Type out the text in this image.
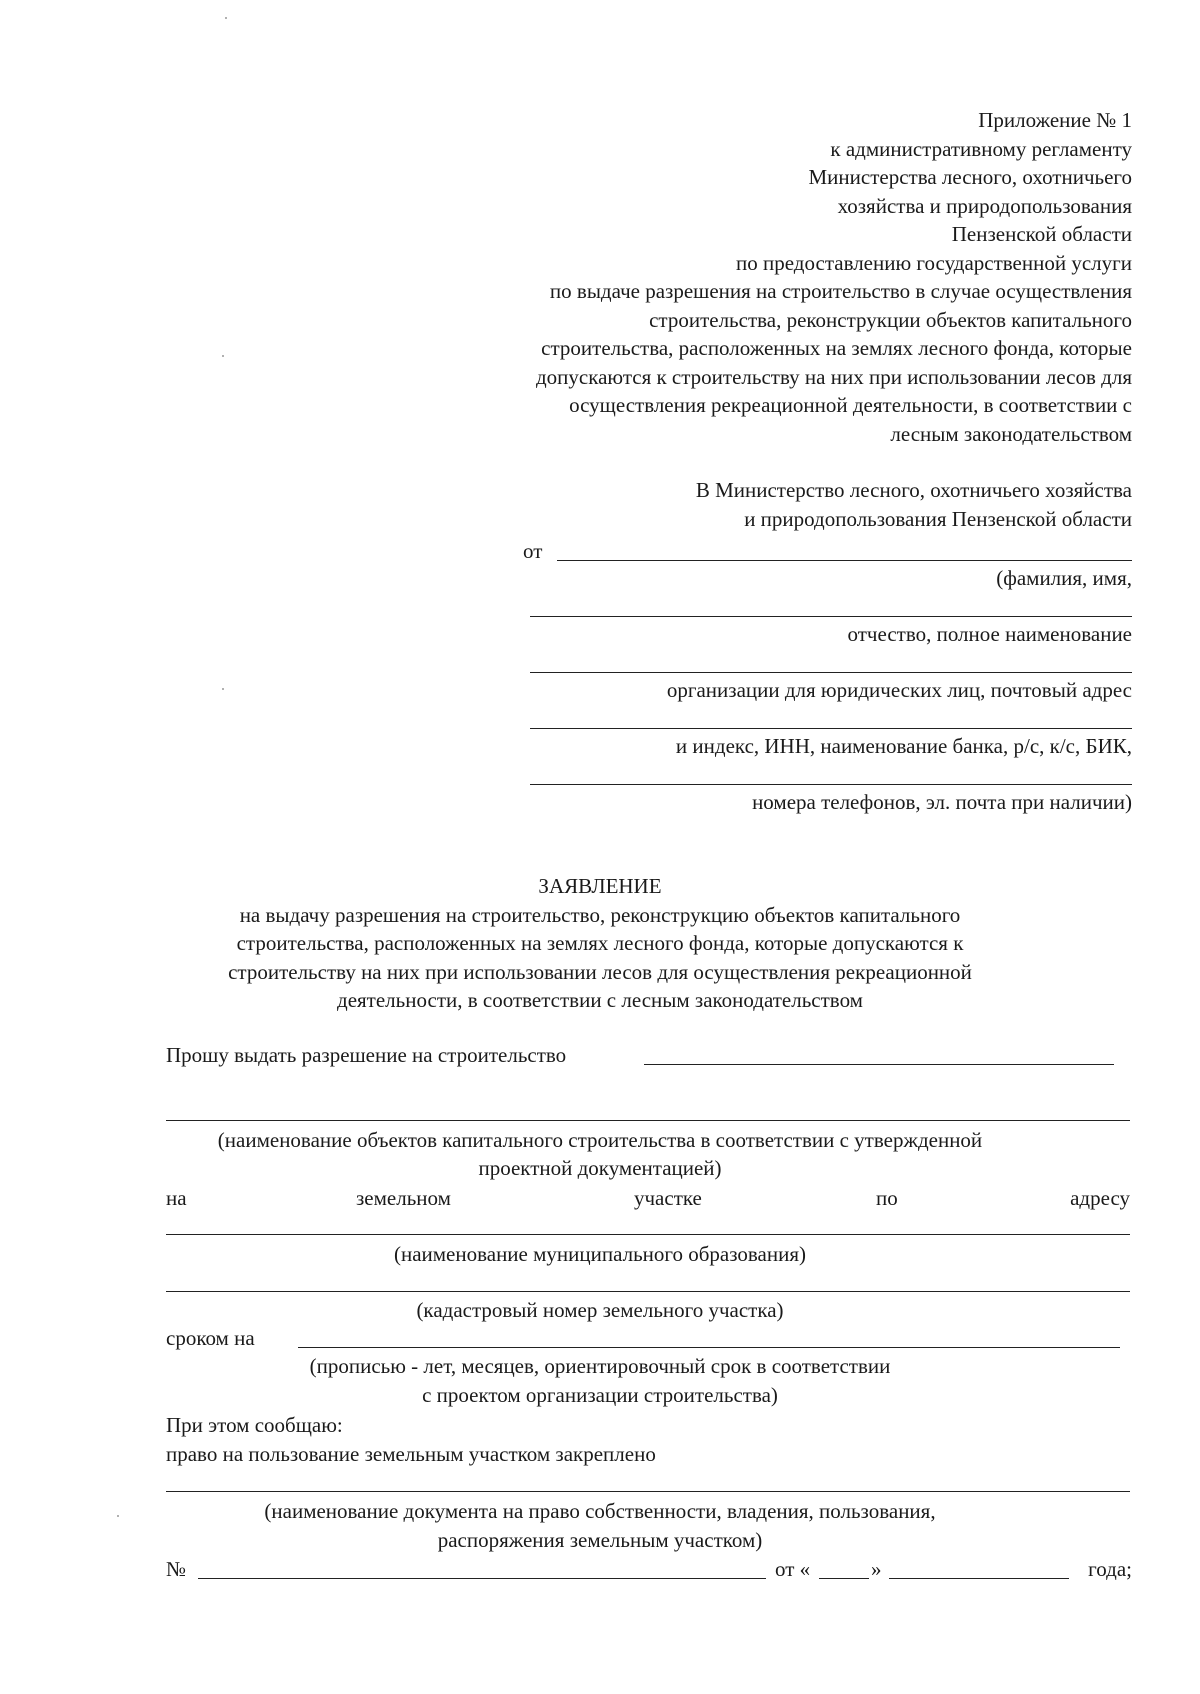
Приложение № 1
к административному регламенту
Министерства лесного, охотничьего
хозяйства и природопользования
Пензенской области
по предоставлению государственной услуги
по выдаче разрешения на строительство в случае осуществления
строительства, реконструкции объектов капитального
строительства, расположенных на землях лесного фонда, которые
допускаются к строительству на них при использовании лесов для
осуществления рекреационной деятельности, в соответствии с
лесным законодательством
В Министерство лесного, охотничьего хозяйства
и природопользования Пензенской области
от
(фамилия, имя,
отчество, полное наименование
организации для юридических лиц, почтовый адрес
и индекс, ИНН, наименование банка, р/с, к/с, БИК,
номера телефонов, эл. почта при наличии)
ЗАЯВЛЕНИЕ
на выдачу разрешения на строительство, реконструкцию объектов капитального
строительства, расположенных на землях лесного фонда, которые допускаются к
строительству на них при использовании лесов для осуществления рекреационной
деятельности, в соответствии с лесным законодательством
Прошу выдать разрешение на строительство
(наименование объектов капитального строительства в соответствии с утвержденной
проектной документацией)
на	земельном	участке	по	адресу
(наименование муниципального образования)
(кадастровый номер земельного участка)
сроком на
(прописью - лет, месяцев, ориентировочный срок в соответствии
с проектом организации строительства)
При этом сообщаю:
право на пользование земельным участком закреплено
(наименование документа на право собственности, владения, пользования,
распоряжения земельным участком)
№	от «	»	года;
